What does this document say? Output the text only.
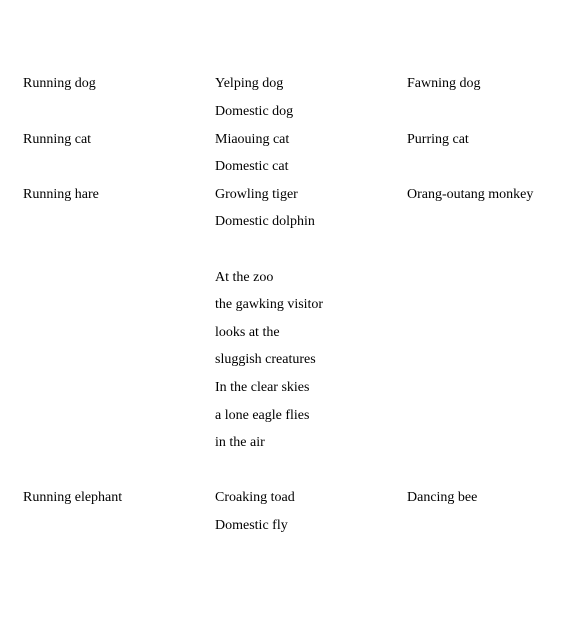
Running dog	Yelping dog	Fawning dog
Domestic dog
Running cat	Miaouing cat	Purring cat
Domestic cat
Running hare	Growling tiger	Orang-outang monkey
Domestic dolphin
At the zoo
the gawking visitor
looks at the
sluggish creatures
In the clear skies
a lone eagle flies
in the air
Running elephant	Croaking toad	Dancing bee
Domestic fly
